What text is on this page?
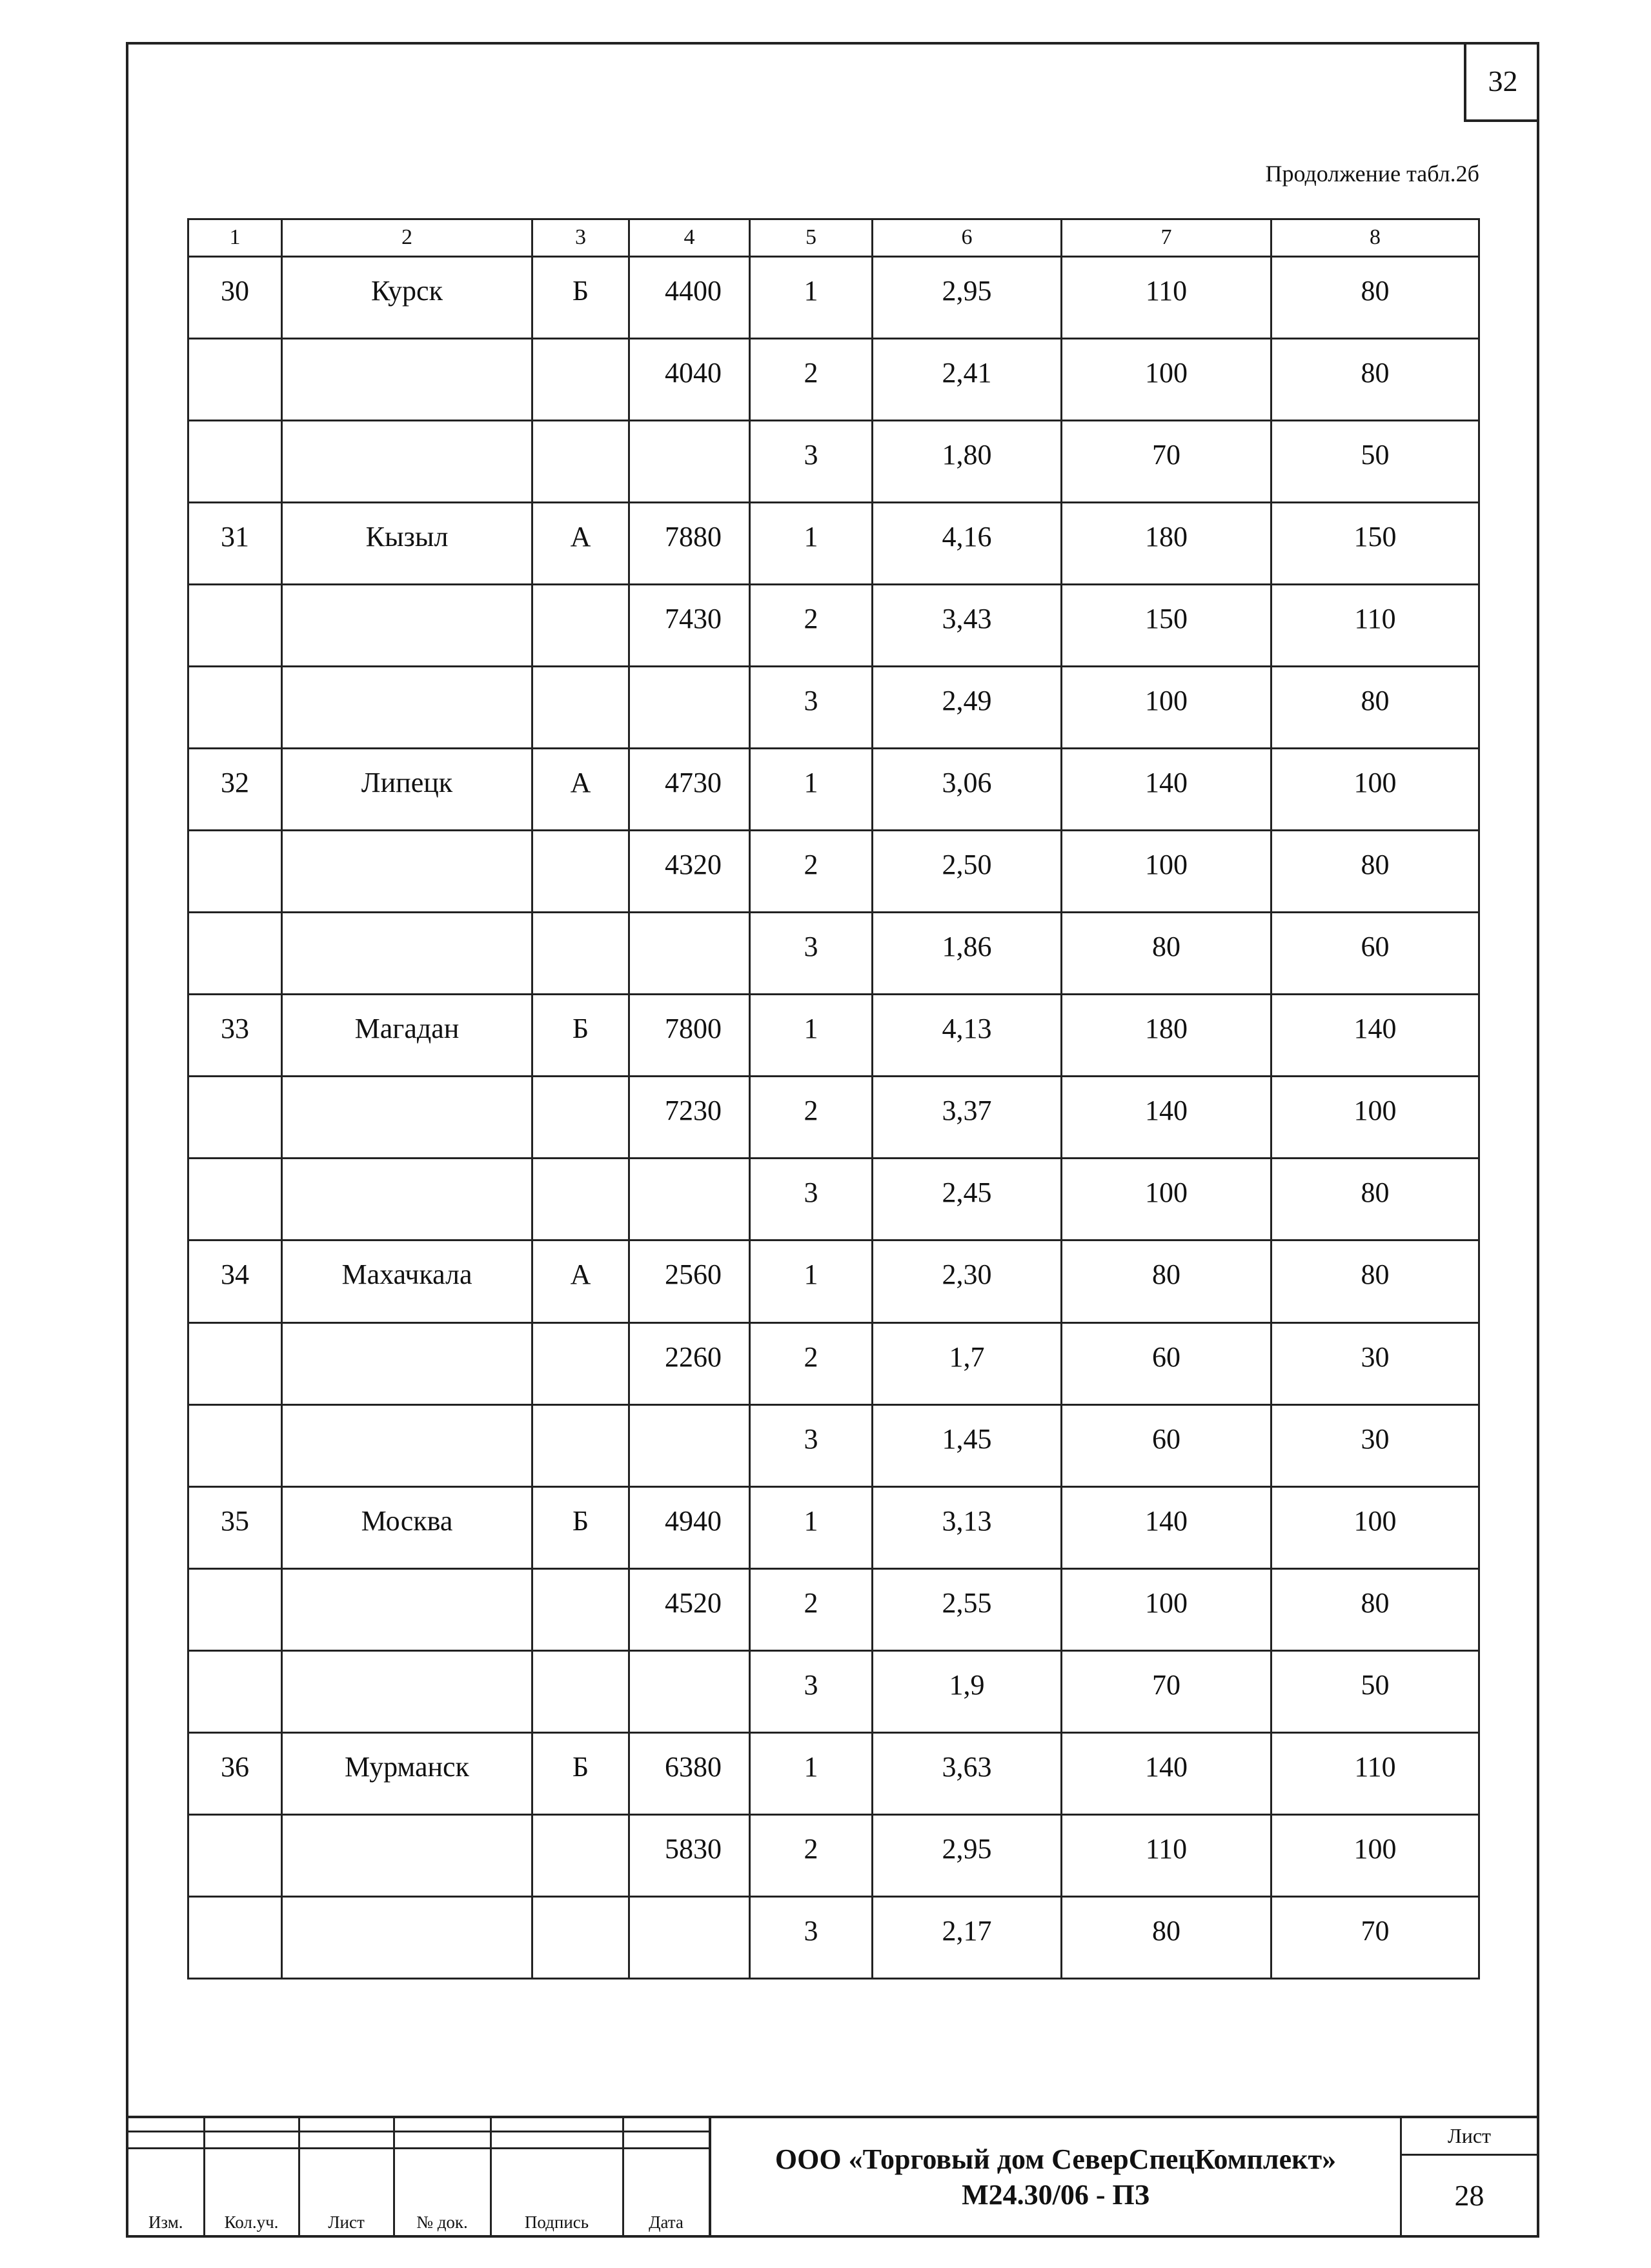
32
Продолжение табл.2б
1	2	3	4	5	6	7	8
30	Курск	Б	4400	1	2,95	110	80
			4040	2	2,41	100	80
				3	1,80	70	50
31	Кызыл	А	7880	1	4,16	180	150
			7430	2	3,43	150	110
				3	2,49	100	80
32	Липецк	А	4730	1	3,06	140	100
			4320	2	2,50	100	80
				3	1,86	80	60
33	Магадан	Б	7800	1	4,13	180	140
			7230	2	3,37	140	100
				3	2,45	100	80
34	Махачкала	А	2560	1	2,30	80	80
			2260	2	1,7	60	30
				3	1,45	60	30
35	Москва	Б	4940	1	3,13	140	100
			4520	2	2,55	100	80
				3	1,9	70	50
36	Мурманск	Б	6380	1	3,63	140	110
			5830	2	2,95	110	100
				3	2,17	80	70

Изм.	Кол.уч.	Лист	№ док.	Подпись	Дата
ООО «Торговый дом СеверСпецКомплект»
М24.30/06 - ПЗ
Лист
28
